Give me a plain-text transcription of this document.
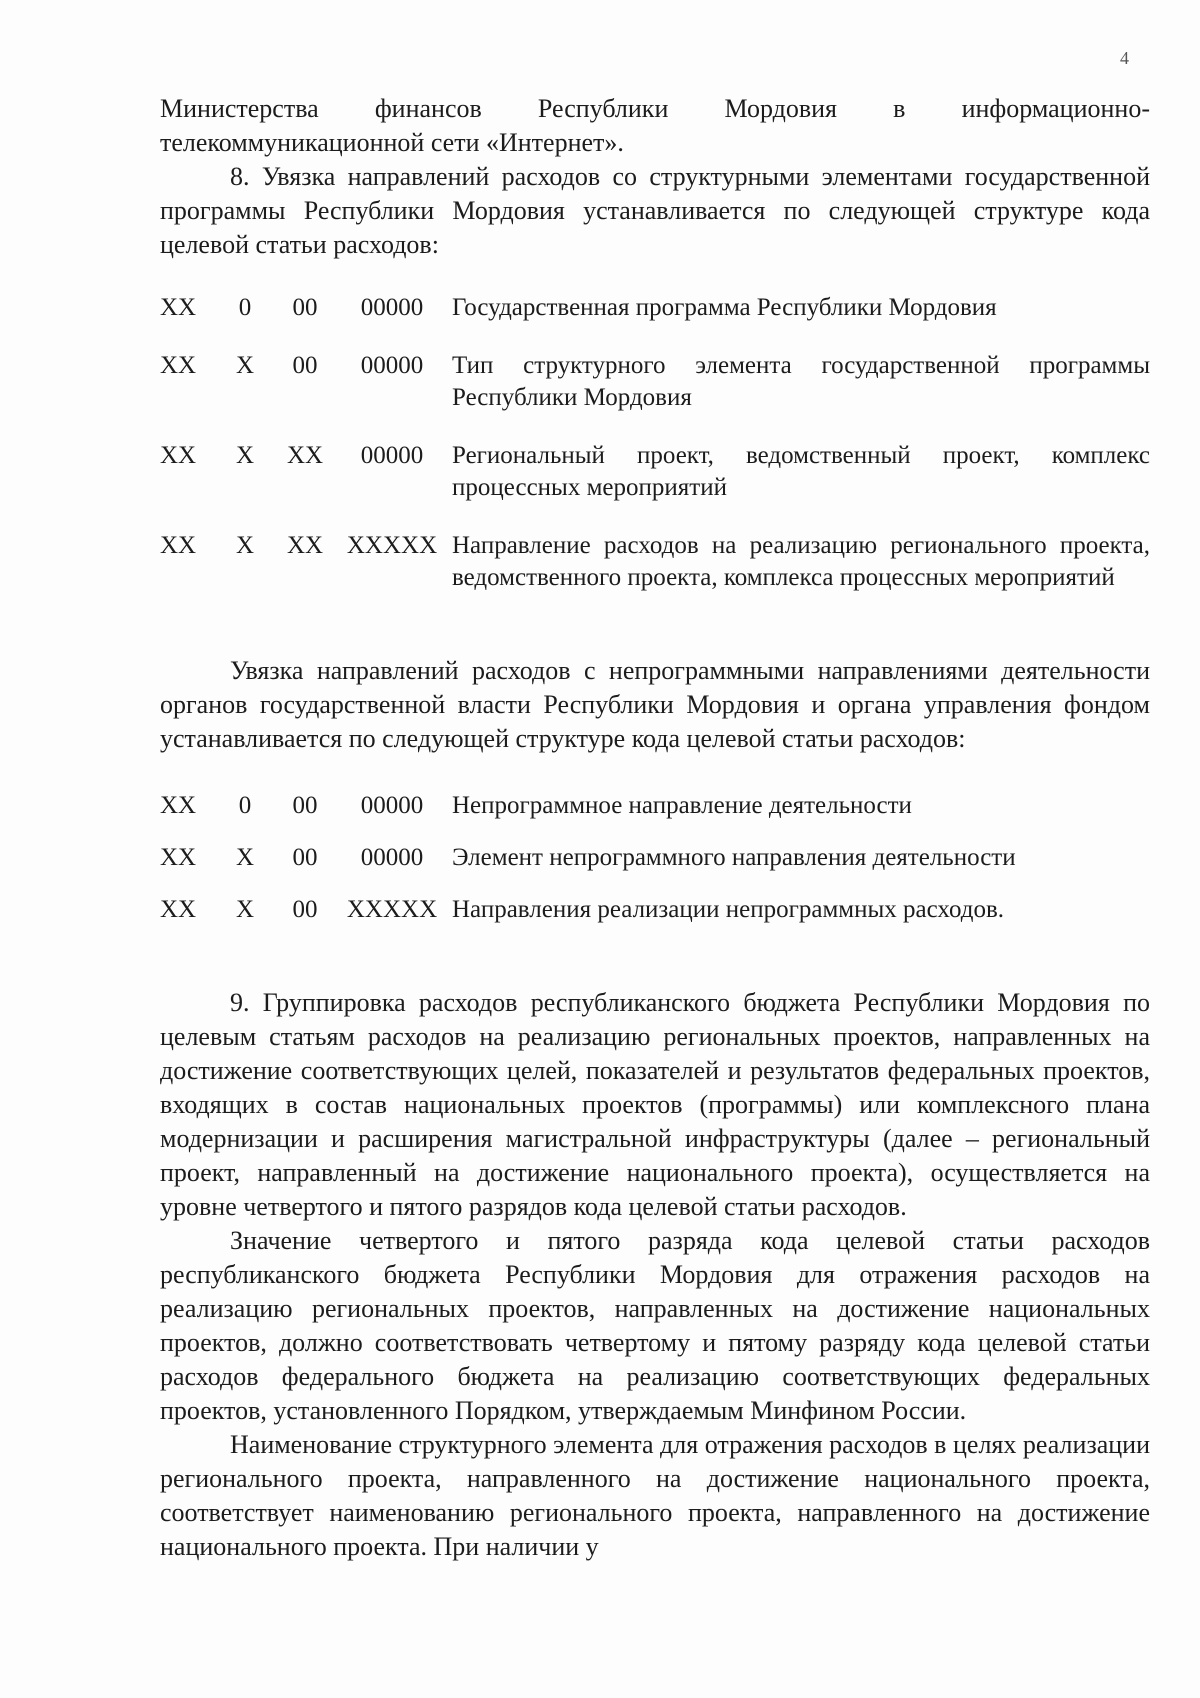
4

Министерства финансов Республики Мордовия в информационно-телекоммуникационной сети «Интернет».

8. Увязка направлений расходов со структурными элементами государственной программы Республики Мордовия устанавливается по следующей структуре кода целевой статьи расходов:

XX	0	00	00000	Государственная программа Республики Мордовия
XX	X	00	00000	Тип структурного элемента государственной программы Республики Мордовия
XX	X	XX	00000	Региональный проект, ведомственный проект, комплекс процессных мероприятий
XX	X	XX	XXXXX	Направление расходов на реализацию регионального проекта, ведомственного проекта, комплекса процессных мероприятий

Увязка направлений расходов с непрограммными направлениями деятельности органов государственной власти Республики Мордовия и органа управления фондом устанавливается по следующей структуре кода целевой статьи расходов:

XX	0	00	00000	Непрограммное направление деятельности
XX	X	00	00000	Элемент непрограммного направления деятельности
XX	X	00	XXXXX	Направления реализации непрограммных расходов.

9. Группировка расходов республиканского бюджета Республики Мордовия по целевым статьям расходов на реализацию региональных проектов, направленных на достижение соответствующих целей, показателей и результатов федеральных проектов, входящих в состав национальных проектов (программы) или комплексного плана модернизации и расширения магистральной инфраструктуры (далее – региональный проект, направленный на достижение национального проекта), осуществляется на уровне четвертого и пятого разрядов кода целевой статьи расходов.

Значение четвертого и пятого разряда кода целевой статьи расходов республиканского бюджета Республики Мордовия для отражения расходов на реализацию региональных проектов, направленных на достижение национальных проектов, должно соответствовать четвертому и пятому разряду кода целевой статьи расходов федерального бюджета на реализацию соответствующих федеральных проектов, установленного Порядком, утверждаемым Минфином России.

Наименование структурного элемента для отражения расходов в целях реализации регионального проекта, направленного на достижение национального проекта, соответствует наименованию регионального проекта, направленного на достижение национального проекта. При наличии у
